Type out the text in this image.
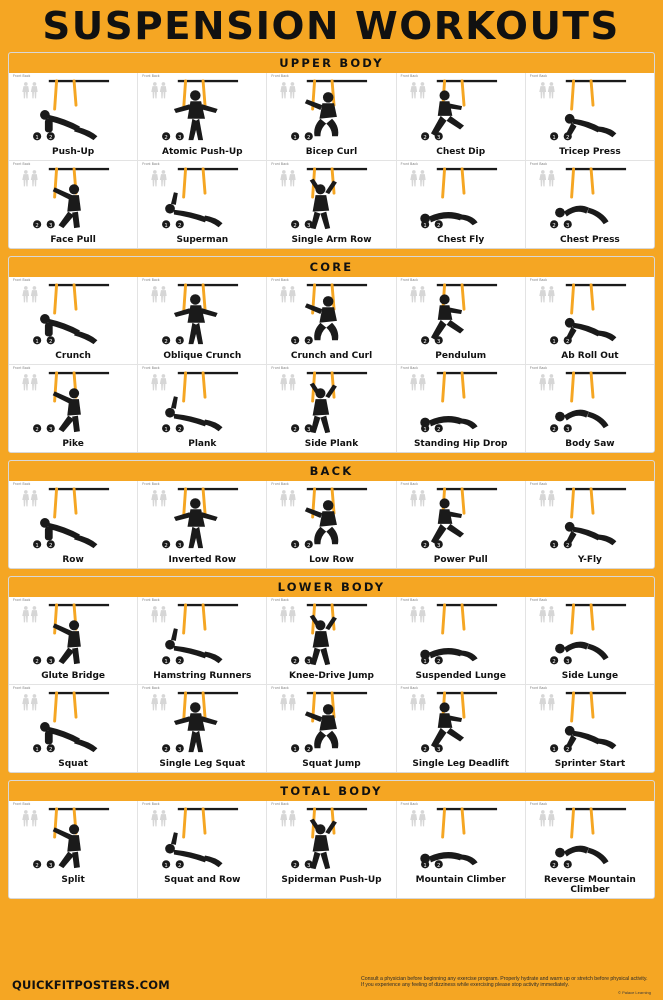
SUSPENSION WORKOUTS
UPPER BODY
Front Back
1 2
Push-Up
Front Back
2 3
Atomic Push-Up
Front Back
1 2
Bicep Curl
Front Back
2 3
Chest Dip
Front Back
1 2
Tricep Press
Front Back
2 3
Face Pull
Front Back
1 2
Superman
Front Back
2 3
Single Arm Row
Front Back
1 2
Chest Fly
Front Back
2 3
Chest Press
CORE
Front Back
1 2
Crunch
Front Back
2 3
Oblique Crunch
Front Back
1 2
Crunch and Curl
Front Back
2 3
Pendulum
Front Back
1 2
Ab Roll Out
Front Back
2 3
Pike
Front Back
1 2
Plank
Front Back
2 3
Side Plank
Front Back
1 2
Standing Hip Drop
Front Back
2 3
Body Saw
BACK
Front Back
1 2
Row
Front Back
2 3
Inverted Row
Front Back
1 2
Low Row
Front Back
2 3
Power Pull
Front Back
1 2
Y-Fly
LOWER BODY
Front Back
2 3
Glute Bridge
Front Back
1 2
Hamstring Runners
Front Back
2 3
Knee-Drive Jump
Front Back
1 2
Suspended Lunge
Front Back
2 3
Side Lunge
Front Back
1 2
Squat
Front Back
2 3
Single Leg Squat
Front Back
1 2
Squat Jump
Front Back
2 3
Single Leg Deadlift
Front Back
1 2
Sprinter Start
TOTAL BODY
Front Back
2 3
Split
Front Back
1 2
Squat and Row
Front Back
2 3
Spiderman Push-Up
Front Back
1 2
Mountain Climber
Front Back
2 3
Reverse Mountain Climber
QUICKFITPOSTERS.COM	Consult a physician before beginning any exercise program. Properly hydrate and warm up or stretch before physical activity. If you experience any feeling of dizziness while exercising please stop activity immediately.
© Palace Learning
